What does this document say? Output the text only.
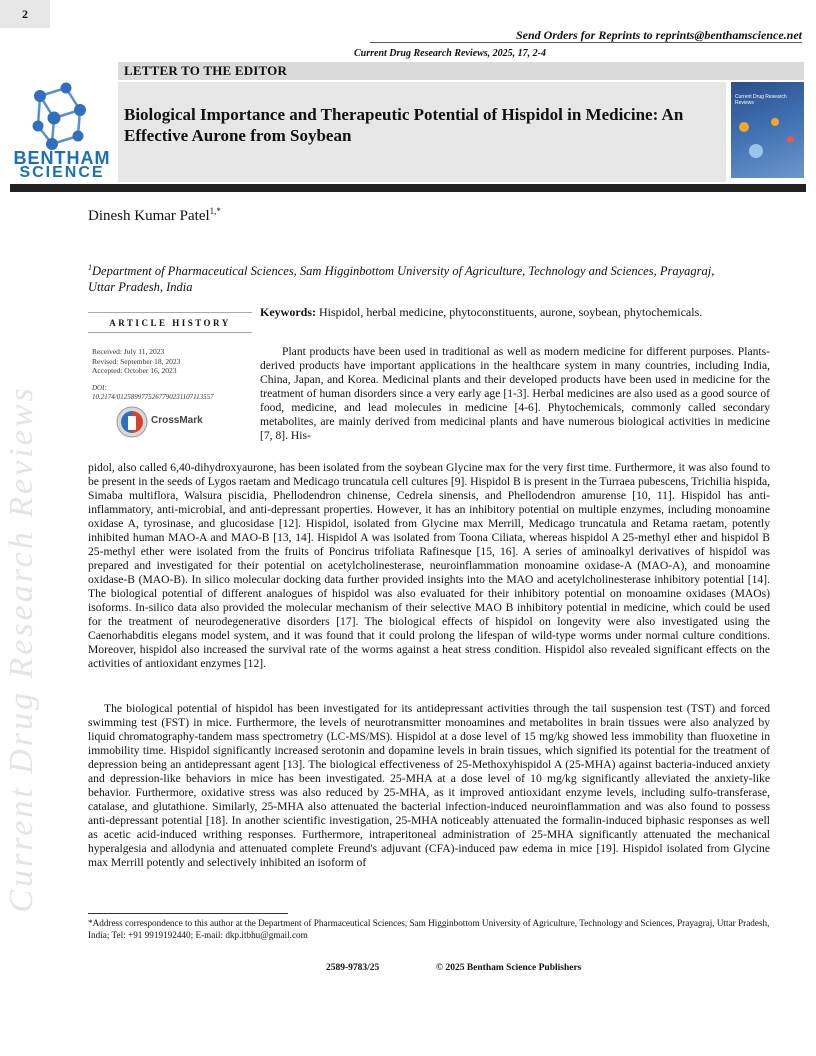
Current Drug Research Reviews
2
Send Orders for Reprints to reprints@benthamscience.net
Current Drug Research Reviews, 2025, 17, 2-4
LETTER TO THE EDITOR
BENTHAM
SCIENCE
Biological Importance and Therapeutic Potential of Hispidol in Medicine: An Effective Aurone from Soybean
Current Drug Research Reviews
Dinesh Kumar Patel$^{1,*}$
$^1$Department of Pharmaceutical Sciences, Sam Higginbottom University of Agriculture, Technology and Sciences, Prayagraj, Uttar Pradesh, India
ARTICLE HISTORY
Received: July 11, 2023
Revised: September 18, 2023
Accepted: October 16, 2023
DOI:
10.2174/0125899775267790231107113557
CrossMark
Keywords: Hispidol, herbal medicine, phytoconstituents, aurone, soybean, phytochemicals.
Plant products have been used in traditional as well as modern medicine for different purposes. Plants-derived products have important applications in the healthcare system in many countries, including India, China, Japan, and Korea. Medicinal plants and their developed products have been used in medicine for the treatment of human disorders since a very early age [1-3]. Herbal medicines are also used as a good source of food, medicine, and lead molecules in medicine [4-6]. Phytochemicals, commonly called secondary metabolites, are mainly derived from medicinal plants and have numerous biological activities in medicine [7, 8]. His-
pidol, also called 6,40-dihydroxyaurone, has been isolated from the soybean Glycine max for the very first time. Furthermore, it was also found to be present in the seeds of Lygos raetam and Medicago truncatula cell cultures [9]. Hispidol B is present in the Turraea pubescens, Trichilia hispida, Simaba multiflora, Walsura piscidia, Phellodendron chinense, Cedrela sinensis, and Phellodendron amurense [10, 11]. Hispidol has anti-inflammatory, anti-microbial, and anti-depressant properties. However, it has an inhibitory potential on multiple enzymes, including monoamine oxidase A, tyrosinase, and glucosidase [12]. Hispidol, isolated from Glycine max Merrill, Medicago truncatula and Retama raetam, potently inhibited human MAO-A and MAO-B [13, 14]. Hispidol A was isolated from Toona Ciliata, whereas hispidol A 25-methyl ether and hispidol B 25-methyl ether were isolated from the fruits of Poncirus trifoliata Rafinesque [15, 16]. A series of aminoalkyl derivatives of hispidol was prepared and investigated for their potential on acetylcholinesterase, neuroinflammation monoamine oxidase-A (MAO-A), and monoamine oxidase-B (MAO-B). In silico molecular docking data further provided insights into the MAO and acetylcholinesterase inhibitory potential [14]. The biological potential of different analogues of hispidol was also evaluated for their inhibitory potential on monoamine oxidases (MAOs) isoforms. In-silico data also provided the molecular mechanism of their selective MAO B inhibitory potential in medicine, which could be used for the treatment of neurodegenerative disorders [17]. The biological effects of hispidol on longevity were also investigated using the Caenorhabditis elegans model system, and it was found that it could prolong the lifespan of wild-type worms under normal culture conditions. Moreover, hispidol also increased the survival rate of the worms against a heat stress condition. Hispidol also revealed significant effects on the activities of antioxidant enzymes [12].
The biological potential of hispidol has been investigated for its antidepressant activities through the tail suspension test (TST) and forced swimming test (FST) in mice. Furthermore, the levels of neurotransmitter monoamines and metabolites in brain tissues were also analyzed by liquid chromatography-tandem mass spectrometry (LC-MS/MS). Hispidol at a dose level of 15 mg/kg showed less immobility than fluoxetine in immobility time. Hispidol significantly increased serotonin and dopamine levels in brain tissues, which signified its potential for the treatment of depression being an antidepressant agent [13]. The biological effectiveness of 25-Methoxyhispidol A (25-MHA) against bacteria-induced anxiety and depression-like behaviors in mice has been investigated. 25-MHA at a dose level of 10 mg/kg significantly alleviated the anxiety-like behavior. Furthermore, oxidative stress was also reduced by 25-MHA, as it improved antioxidant enzyme levels, including sulfo-transferase, catalase, and glutathione. Similarly, 25-MHA also attenuated the bacterial infection-induced neuroinflammation and was also found to possess anti-depressant potential [18]. In another scientific investigation, 25-MHA noticeably attenuated the formalin-induced biphasic responses as well as acetic acid-induced writhing responses. Furthermore, intraperitoneal administration of 25-MHA significantly attenuated the mechanical hyperalgesia and allodynia and attenuated complete Freund's adjuvant (CFA)-induced paw edema in mice [19]. Hispidol isolated from Glycine max Merrill potently and selectively inhibited an isoform of
*Address correspondence to this author at the Department of Pharmaceutical Sciences, Sam Higginbottom University of Agriculture, Technology and Sciences, Prayagraj, Uttar Pradesh, India; Tel: +91 9919192440; E-mail: dkp.itbhu@gmail.com
2589-9783/25	© 2025 Bentham Science Publishers
